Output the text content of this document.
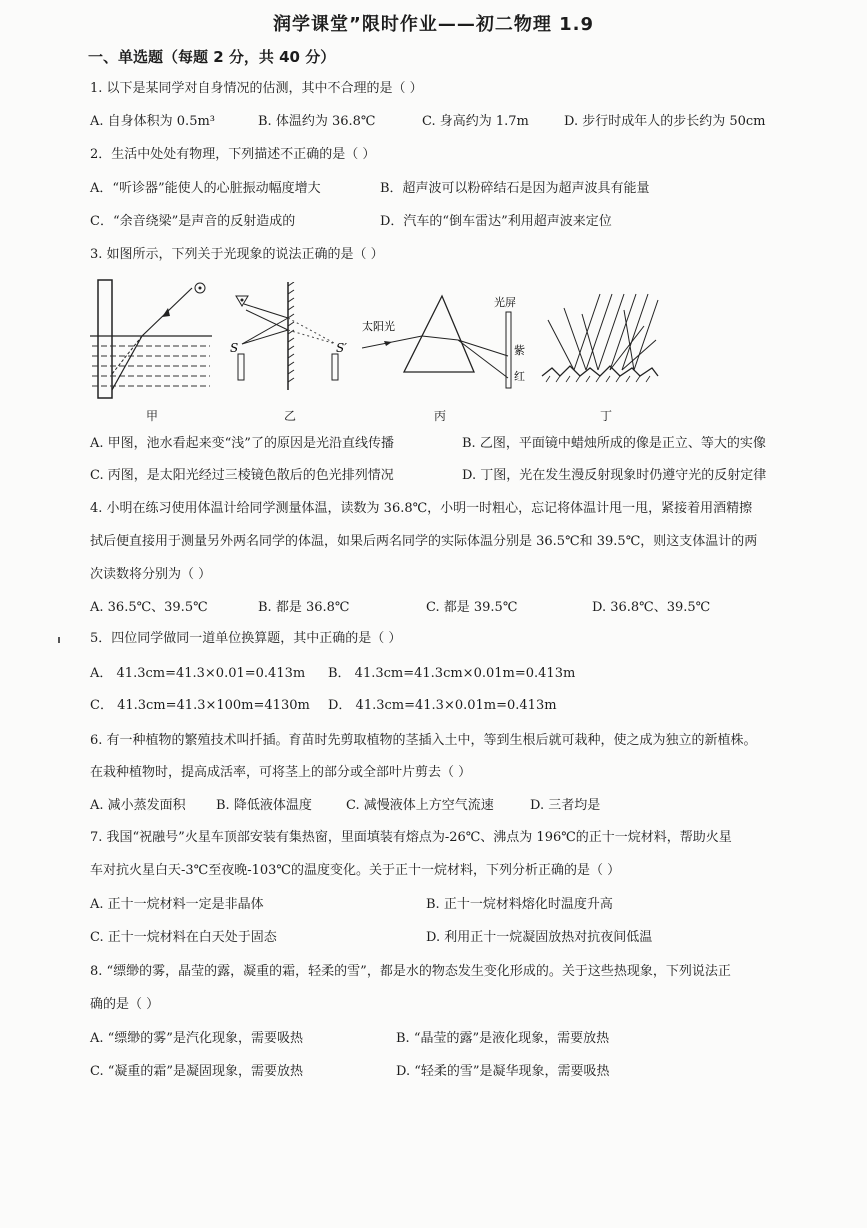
润学课堂”限时作业——初二物理 1.9
一、单选题（每题 2 分，共 40 分）
1. 以下是某同学对自身情况的估测，其中不合理的是（ ）
A. 自身体积为 0.5m³	B. 体温约为 36.8℃	C. 身高约为 1.7m	D. 步行时成年人的步长约为 50cm
2．生活中处处有物理，下列描述不正确的是（ ）
A．“听诊器”能使人的心脏振动幅度增大	B．超声波可以粉碎结石是因为超声波具有能量
C．“余音绕梁”是声音的反射造成的	D．汽车的“倒车雷达”利用超声波来定位
3. 如图所示，下列关于光现象的说法正确的是（ ）
甲
S	S′
乙
太阳光
光屏
紫
红
丙	丁
A. 甲图，池水看起来变“浅”了的原因是光沿直线传播	B. 乙图，平面镜中蜡烛所成的像是正立、等大的实像
C. 丙图，是太阳光经过三棱镜色散后的色光排列情况	D. 丁图，光在发生漫反射现象时仍遵守光的反射定律
4. 小明在练习使用体温计给同学测量体温，读数为 36.8℃，小明一时粗心，忘记将体温计甩一甩，紧接着用酒精擦
拭后便直接用于测量另外两名同学的体温，如果后两名同学的实际体温分别是 36.5℃和 39.5℃，则这支体温计的两
次读数将分别为（ ）
A. 36.5℃、39.5℃	B. 都是 36.8℃	C. 都是 39.5℃	D. 36.8℃、39.5℃
5．四位同学做同一道单位换算题，其中正确的是（ ）
A． 41.3cm=41.3×0.01=0.413m B． 41.3cm=41.3cm×0.01m=0.413m
C． 41.3cm=41.3×100m=4130m D． 41.3cm=41.3×0.01m=0.413m
6. 有一种植物的繁殖技术叫扦插。育苗时先剪取植物的茎插入土中，等到生根后就可栽种，使之成为独立的新植株。
在栽种植物时，提高成活率，可将茎上的部分或全部叶片剪去（ ）
A. 减小蒸发面积 B. 降低液体温度	C. 减慢液体上方空气流速	D. 三者均是
7. 我国“祝融号”火星车顶部安装有集热窗，里面填装有熔点为-26℃、沸点为 196℃的正十一烷材料，帮助火星
车对抗火星白天-3℃至夜晚-103℃的温度变化。关于正十一烷材料，下列分析正确的是（ ）
A. 正十一烷材料一定是非晶体	B. 正十一烷材料熔化时温度升高
C. 正十一烷材料在白天处于固态	D. 利用正十一烷凝固放热对抗夜间低温
8. “缥缈的雾，晶莹的露，凝重的霜，轻柔的雪”，都是水的物态发生变化形成的。关于这些热现象，下列说法正
确的是（ ）
A. “缥缈的雾”是汽化现象，需要吸热	B. “晶莹的露”是液化现象，需要放热
C. “凝重的霜”是凝固现象，需要放热	D. “轻柔的雪”是凝华现象，需要吸热
